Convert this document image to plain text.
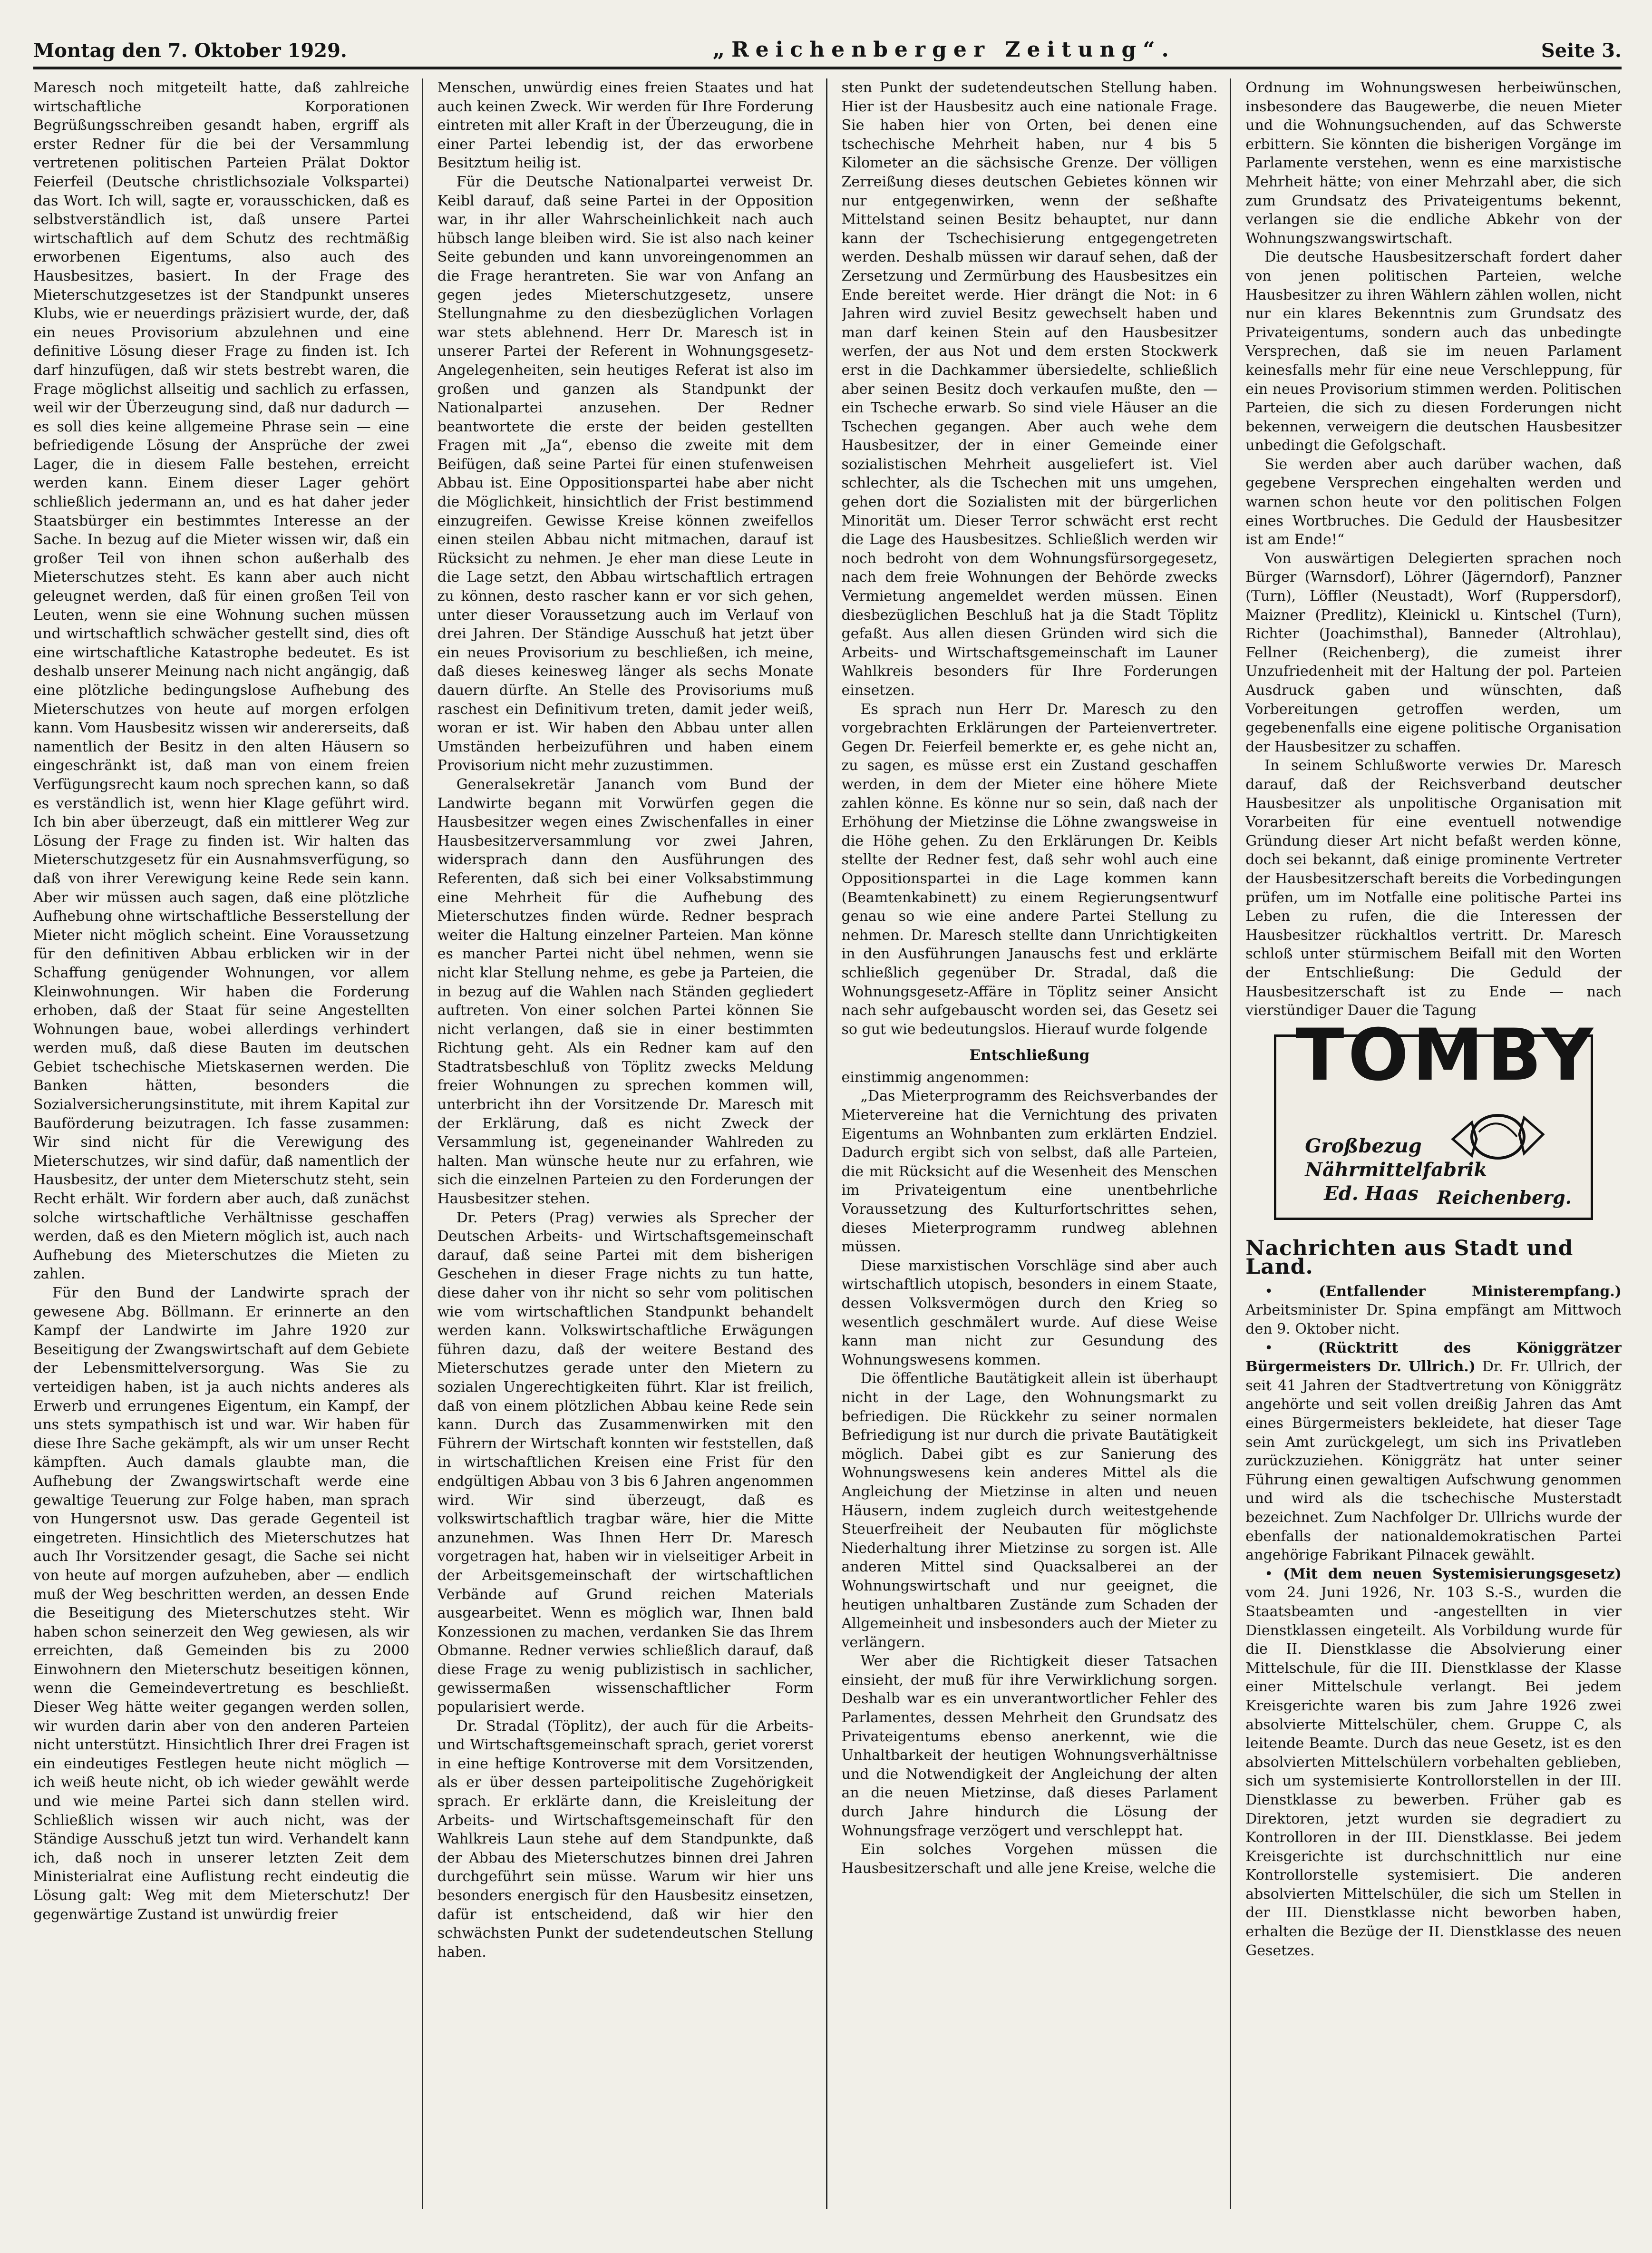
Montag den 7. Oktober 1929.	„Reichenberger Zeitung“.	Seite 3.

Maresch noch mitgeteilt hatte, daß zahlreiche wirtschaftliche Korporationen Begrüßungsschreiben gesandt haben, ergriff als erster Redner für die bei der Versammlung vertretenen politischen Parteien Prälat Doktor Feierfeil (Deutsche christlichsoziale Volkspartei) das Wort. Ich will, sagte er, vorausschicken, daß es selbstverständlich ist, daß unsere Partei wirtschaftlich auf dem Schutz des rechtmäßig erworbenen Eigentums, also auch des Hausbesitzes, basiert. In der Frage des Mieterschutzgesetzes ist der Standpunkt unseres Klubs, wie er neuerdings präzisiert wurde, der, daß ein neues Provisorium abzulehnen und eine definitive Lösung dieser Frage zu finden ist. Ich darf hinzufügen, daß wir stets bestrebt waren, die Frage möglichst allseitig und sachlich zu erfassen, weil wir der Überzeugung sind, daß nur dadurch — es soll dies keine allgemeine Phrase sein — eine befriedigende Lösung der Ansprüche der zwei Lager, die in diesem Falle bestehen, erreicht werden kann. Einem dieser Lager gehört schließlich jedermann an, und es hat daher jeder Staatsbürger ein bestimmtes Interesse an der Sache. In bezug auf die Mieter wissen wir, daß ein großer Teil von ihnen schon außerhalb des Mieterschutzes steht. Es kann aber auch nicht geleugnet werden, daß für einen großen Teil von Leuten, wenn sie eine Wohnung suchen müssen und wirtschaftlich schwächer gestellt sind, dies oft eine wirtschaftliche Katastrophe bedeutet. Es ist deshalb unserer Meinung nach nicht angängig, daß eine plötzliche bedingungslose Aufhebung des Mieterschutzes von heute auf morgen erfolgen kann. Vom Hausbesitz wissen wir andererseits, daß namentlich der Besitz in den alten Häusern so eingeschränkt ist, daß man von einem freien Verfügungsrecht kaum noch sprechen kann, so daß es verständlich ist, wenn hier Klage geführt wird. Ich bin aber überzeugt, daß ein mittlerer Weg zur Lösung der Frage zu finden ist. Wir halten das Mieterschutzgesetz für ein Ausnahmsverfügung, so daß von ihrer Verewigung keine Rede sein kann. Aber wir müssen auch sagen, daß eine plötzliche Aufhebung ohne wirtschaftliche Besserstellung der Mieter nicht möglich scheint. Eine Voraussetzung für den definitiven Abbau erblicken wir in der Schaffung genügender Wohnungen, vor allem Kleinwohnungen. Wir haben die Forderung erhoben, daß der Staat für seine Angestellten Wohnungen baue, wobei allerdings verhindert werden muß, daß diese Bauten im deutschen Gebiet tschechische Mietskasernen werden. Die Banken hätten, besonders die Sozialversicherungsinstitute, mit ihrem Kapital zur Bauförderung beizutragen. Ich fasse zusammen: Wir sind nicht für die Verewigung des Mieterschutzes, wir sind dafür, daß namentlich der Hausbesitz, der unter dem Mieterschutz steht, sein Recht erhält. Wir fordern aber auch, daß zunächst solche wirtschaftliche Verhältnisse geschaffen werden, daß es den Mietern möglich ist, auch nach Aufhebung des Mieterschutzes die Mieten zu zahlen.

Für den Bund der Landwirte sprach der gewesene Abg. Böllmann. Er erinnerte an den Kampf der Landwirte im Jahre 1920 zur Beseitigung der Zwangswirtschaft auf dem Gebiete der Lebensmittelversorgung. Was Sie zu verteidigen haben, ist ja auch nichts anderes als Erwerb und errungenes Eigentum, ein Kampf, der uns stets sympathisch ist und war. Wir haben für diese Ihre Sache gekämpft, als wir um unser Recht kämpften. Auch damals glaubte man, die Aufhebung der Zwangswirtschaft werde eine gewaltige Teuerung zur Folge haben, man sprach von Hungersnot usw. Das gerade Gegenteil ist eingetreten. Hinsichtlich des Mieterschutzes hat auch Ihr Vorsitzender gesagt, die Sache sei nicht von heute auf morgen aufzuheben, aber — endlich muß der Weg beschritten werden, an dessen Ende die Beseitigung des Mieterschutzes steht. Wir haben schon seinerzeit den Weg gewiesen, als wir erreichten, daß Gemeinden bis zu 2000 Einwohnern den Mieterschutz beseitigen können, wenn die Gemeindevertretung es beschließt. Dieser Weg hätte weiter gegangen werden sollen, wir wurden darin aber von den anderen Parteien nicht unterstützt. Hinsichtlich Ihrer drei Fragen ist ein eindeutiges Festlegen heute nicht möglich — ich weiß heute nicht, ob ich wieder gewählt werde und wie meine Partei sich dann stellen wird. Schließlich wissen wir auch nicht, was der Ständige Ausschuß jetzt tun wird. Verhandelt kann ich, daß noch in unserer letzten Zeit dem Ministerialrat eine Auflistung recht eindeutig die Lösung galt: Weg mit dem Mieterschutz! Der gegenwärtige Zustand ist unwürdig freier

Menschen, unwürdig eines freien Staates und hat auch keinen Zweck. Wir werden für Ihre Forderung eintreten mit aller Kraft in der Überzeugung, die in einer Partei lebendig ist, der das erworbene Besitztum heilig ist.

Für die Deutsche Nationalpartei verweist Dr. Keibl darauf, daß seine Partei in der Opposition war, in ihr aller Wahrscheinlichkeit nach auch hübsch lange bleiben wird. Sie ist also nach keiner Seite gebunden und kann unvoreingenommen an die Frage herantreten. Sie war von Anfang an gegen jedes Mieterschutzgesetz, unsere Stellungnahme zu den diesbezüglichen Vorlagen war stets ablehnend. Herr Dr. Maresch ist in unserer Partei der Referent in Wohnungsgesetz-Angelegenheiten, sein heutiges Referat ist also im großen und ganzen als Standpunkt der Nationalpartei anzusehen. Der Redner beantwortete die erste der beiden gestellten Fragen mit „Ja“, ebenso die zweite mit dem Beifügen, daß seine Partei für einen stufenweisen Abbau ist. Eine Oppositionspartei habe aber nicht die Möglichkeit, hinsichtlich der Frist bestimmend einzugreifen. Gewisse Kreise können zweifellos einen steilen Abbau nicht mitmachen, darauf ist Rücksicht zu nehmen. Je eher man diese Leute in die Lage setzt, den Abbau wirtschaftlich ertragen zu können, desto rascher kann er vor sich gehen, unter dieser Voraussetzung auch im Verlauf von drei Jahren. Der Ständige Ausschuß hat jetzt über ein neues Provisorium zu beschließen, ich meine, daß dieses keinesweg länger als sechs Monate dauern dürfte. An Stelle des Provisoriums muß raschest ein Definitivum treten, damit jeder weiß, woran er ist. Wir haben den Abbau unter allen Umständen herbeizuführen und haben einem Provisorium nicht mehr zuzustimmen.

Generalsekretär Jananch vom Bund der Landwirte begann mit Vorwürfen gegen die Hausbesitzer wegen eines Zwischenfalles in einer Hausbesitzerversammlung vor zwei Jahren, widersprach dann den Ausführungen des Referenten, daß sich bei einer Volksabstimmung eine Mehrheit für die Aufhebung des Mieterschutzes finden würde. Redner besprach weiter die Haltung einzelner Parteien. Man könne es mancher Partei nicht übel nehmen, wenn sie nicht klar Stellung nehme, es gebe ja Parteien, die in bezug auf die Wahlen nach Ständen gegliedert auftreten. Von einer solchen Partei können Sie nicht verlangen, daß sie in einer bestimmten Richtung geht. Als ein Redner kam auf den Stadtratsbeschluß von Töplitz zwecks Meldung freier Wohnungen zu sprechen kommen will, unterbricht ihn der Vorsitzende Dr. Maresch mit der Erklärung, daß es nicht Zweck der Versammlung ist, gegeneinander Wahlreden zu halten. Man wünsche heute nur zu erfahren, wie sich die einzelnen Parteien zu den Forderungen der Hausbesitzer stehen.

Dr. Peters (Prag) verwies als Sprecher der Deutschen Arbeits- und Wirtschaftsgemeinschaft darauf, daß seine Partei mit dem bisherigen Geschehen in dieser Frage nichts zu tun hatte, diese daher von ihr nicht so sehr vom politischen wie vom wirtschaftlichen Standpunkt behandelt werden kann. Volkswirtschaftliche Erwägungen führen dazu, daß der weitere Bestand des Mieterschutzes gerade unter den Mietern zu sozialen Ungerechtigkeiten führt. Klar ist freilich, daß von einem plötzlichen Abbau keine Rede sein kann. Durch das Zusammenwirken mit den Führern der Wirtschaft konnten wir feststellen, daß in wirtschaftlichen Kreisen eine Frist für den endgültigen Abbau von 3 bis 6 Jahren angenommen wird. Wir sind überzeugt, daß es volkswirtschaftlich tragbar wäre, hier die Mitte anzunehmen. Was Ihnen Herr Dr. Maresch vorgetragen hat, haben wir in vielseitiger Arbeit in der Arbeitsgemeinschaft der wirtschaftlichen Verbände auf Grund reichen Materials ausgearbeitet. Wenn es möglich war, Ihnen bald Konzessionen zu machen, verdanken Sie das Ihrem Obmanne. Redner verwies schließlich darauf, daß diese Frage zu wenig publizistisch in sachlicher, gewissermaßen wissenschaftlicher Form popularisiert werde.

Dr. Stradal (Töplitz), der auch für die Arbeits- und Wirtschaftsgemeinschaft sprach, geriet vorerst in eine heftige Kontroverse mit dem Vorsitzenden, als er über dessen parteipolitische Zugehörigkeit sprach. Er erklärte dann, die Kreisleitung der Arbeits- und Wirtschaftsgemeinschaft für den Wahlkreis Laun stehe auf dem Standpunkte, daß der Abbau des Mieterschutzes binnen drei Jahren durchgeführt sein müsse. Warum wir hier uns besonders energisch für den Hausbesitz einsetzen, dafür ist entscheidend, daß wir hier den schwächsten Punkt der sudetendeutschen Stellung haben.

sten Punkt der sudetendeutschen Stellung haben. Hier ist der Hausbesitz auch eine nationale Frage. Sie haben hier von Orten, bei denen eine tschechische Mehrheit haben, nur 4 bis 5 Kilometer an die sächsische Grenze. Der völligen Zerreißung dieses deutschen Gebietes können wir nur entgegenwirken, wenn der seßhafte Mittelstand seinen Besitz behauptet, nur dann kann der Tschechisierung entgegengetreten werden. Deshalb müssen wir darauf sehen, daß der Zersetzung und Zermürbung des Hausbesitzes ein Ende bereitet werde. Hier drängt die Not: in 6 Jahren wird zuviel Besitz gewechselt haben und man darf keinen Stein auf den Hausbesitzer werfen, der aus Not und dem ersten Stockwerk erst in die Dachkammer übersiedelte, schließlich aber seinen Besitz doch verkaufen mußte, den — ein Tscheche erwarb. So sind viele Häuser an die Tschechen gegangen. Aber auch wehe dem Hausbesitzer, der in einer Gemeinde einer sozialistischen Mehrheit ausgeliefert ist. Viel schlechter, als die Tschechen mit uns umgehen, gehen dort die Sozialisten mit der bürgerlichen Minorität um. Dieser Terror schwächt erst recht die Lage des Hausbesitzes. Schließlich werden wir noch bedroht von dem Wohnungsfürsorgegesetz, nach dem freie Wohnungen der Behörde zwecks Vermietung angemeldet werden müssen. Einen diesbezüglichen Beschluß hat ja die Stadt Töplitz gefaßt. Aus allen diesen Gründen wird sich die Arbeits- und Wirtschaftsgemeinschaft im Launer Wahlkreis besonders für Ihre Forderungen einsetzen.

Es sprach nun Herr Dr. Maresch zu den vorgebrachten Erklärungen der Parteienvertreter. Gegen Dr. Feierfeil bemerkte er, es gehe nicht an, zu sagen, es müsse erst ein Zustand geschaffen werden, in dem der Mieter eine höhere Miete zahlen könne. Es könne nur so sein, daß nach der Erhöhung der Mietzinse die Löhne zwangsweise in die Höhe gehen. Zu den Erklärungen Dr. Keibls stellte der Redner fest, daß sehr wohl auch eine Oppositionspartei in die Lage kommen kann (Beamtenkabinett) zu einem Regierungsentwurf genau so wie eine andere Partei Stellung zu nehmen. Dr. Maresch stellte dann Unrichtigkeiten in den Ausführungen Janauschs fest und erklärte schließlich gegenüber Dr. Stradal, daß die Wohnungsgesetz-Affäre in Töplitz seiner Ansicht nach sehr aufgebauscht worden sei, das Gesetz sei so gut wie bedeutungslos. Hierauf wurde folgende

Entschließung

einstimmig angenommen:

„Das Mieterprogramm des Reichsverbandes der Mietervereine hat die Vernichtung des privaten Eigentums an Wohnbanten zum erklärten Endziel. Dadurch ergibt sich von selbst, daß alle Parteien, die mit Rücksicht auf die Wesenheit des Menschen im Privateigentum eine unentbehrliche Voraussetzung des Kulturfortschrittes sehen, dieses Mieterprogramm rundweg ablehnen müssen.

Diese marxistischen Vorschläge sind aber auch wirtschaftlich utopisch, besonders in einem Staate, dessen Volksvermögen durch den Krieg so wesentlich geschmälert wurde. Auf diese Weise kann man nicht zur Gesundung des Wohnungswesens kommen.

Die öffentliche Bautätigkeit allein ist überhaupt nicht in der Lage, den Wohnungsmarkt zu befriedigen. Die Rückkehr zu seiner normalen Befriedigung ist nur durch die private Bautätigkeit möglich. Dabei gibt es zur Sanierung des Wohnungswesens kein anderes Mittel als die Angleichung der Mietzinse in alten und neuen Häusern, indem zugleich durch weitestgehende Steuerfreiheit der Neubauten für möglichste Niederhaltung ihrer Mietzinse zu sorgen ist. Alle anderen Mittel sind Quacksalberei an der Wohnungswirtschaft und nur geeignet, die heutigen unhaltbaren Zustände zum Schaden der Allgemeinheit und insbesonders auch der Mieter zu verlängern.

Wer aber die Richtigkeit dieser Tatsachen einsieht, der muß für ihre Verwirklichung sorgen. Deshalb war es ein unverantwortlicher Fehler des Parlamentes, dessen Mehrheit den Grundsatz des Privateigentums ebenso anerkennt, wie die Unhaltbarkeit der heutigen Wohnungsverhältnisse und die Notwendigkeit der Angleichung der alten an die neuen Mietzinse, daß dieses Parlament durch Jahre hindurch die Lösung der Wohnungsfrage verzögert und verschleppt hat.

Ein solches Vorgehen müssen die Hausbesitzerschaft und alle jene Kreise, welche die

Ordnung im Wohnungswesen herbeiwünschen, insbesondere das Baugewerbe, die neuen Mieter und die Wohnungsuchenden, auf das Schwerste erbittern. Sie könnten die bisherigen Vorgänge im Parlamente verstehen, wenn es eine marxistische Mehrheit hätte; von einer Mehrzahl aber, die sich zum Grundsatz des Privateigentums bekennt, verlangen sie die endliche Abkehr von der Wohnungszwangswirtschaft.

Die deutsche Hausbesitzerschaft fordert daher von jenen politischen Parteien, welche Hausbesitzer zu ihren Wählern zählen wollen, nicht nur ein klares Bekenntnis zum Grundsatz des Privateigentums, sondern auch das unbedingte Versprechen, daß sie im neuen Parlament keinesfalls mehr für eine neue Verschleppung, für ein neues Provisorium stimmen werden. Politischen Parteien, die sich zu diesen Forderungen nicht bekennen, verweigern die deutschen Hausbesitzer unbedingt die Gefolgschaft.

Sie werden aber auch darüber wachen, daß gegebene Versprechen eingehalten werden und warnen schon heute vor den politischen Folgen eines Wortbruches. Die Geduld der Hausbesitzer ist am Ende!“

Von auswärtigen Delegierten sprachen noch Bürger (Warnsdorf), Löhrer (Jägerndorf), Panzner (Turn), Löffler (Neustadt), Worf (Ruppersdorf), Maizner (Predlitz), Kleinickl u. Kintschel (Turn), Richter (Joachimsthal), Banneder (Altrohlau), Fellner (Reichenberg), die zumeist ihrer Unzufriedenheit mit der Haltung der pol. Parteien Ausdruck gaben und wünschten, daß Vorbereitungen getroffen werden, um gegebenenfalls eine eigene politische Organisation der Hausbesitzer zu schaffen.

In seinem Schlußworte verwies Dr. Maresch darauf, daß der Reichsverband deutscher Hausbesitzer als unpolitische Organisation mit Vorarbeiten für eine eventuell notwendige Gründung dieser Art nicht befaßt werden könne, doch sei bekannt, daß einige prominente Vertreter der Hausbesitzerschaft bereits die Vorbedingungen prüfen, um im Notfalle eine politische Partei ins Leben zu rufen, die die Interessen der Hausbesitzer rückhaltlos vertritt. Dr. Maresch schloß unter stürmischem Beifall mit den Worten der Entschließung: Die Geduld der Hausbesitzerschaft ist zu Ende — nach vierstündiger Dauer die Tagung

TOMBY
Großbezug
Nährmittelfabrik
Ed. Haas Reichenberg.
Nachrichten aus Stadt und Land.

• (Entfallender Ministerempfang.) Arbeitsminister Dr. Spina empfängt am Mittwoch den 9. Oktober nicht.

• (Rücktritt des Königgrätzer Bürgermeisters Dr. Ullrich.) Dr. Fr. Ullrich, der seit 41 Jahren der Stadtvertretung von Königgrätz angehörte und seit vollen dreißig Jahren das Amt eines Bürgermeisters bekleidete, hat dieser Tage sein Amt zurückgelegt, um sich ins Privatleben zurückzuziehen. Königgrätz hat unter seiner Führung einen gewaltigen Aufschwung genommen und wird als die tschechische Musterstadt bezeichnet. Zum Nachfolger Dr. Ullrichs wurde der ebenfalls der nationaldemokratischen Partei angehörige Fabrikant Pilnacek gewählt.

• (Mit dem neuen Systemisierungsgesetz) vom 24. Juni 1926, Nr. 103 S.-S., wurden die Staatsbeamten und -angestellten in vier Dienstklassen eingeteilt. Als Vorbildung wurde für die II. Dienstklasse die Absolvierung einer Mittelschule, für die III. Dienstklasse der Klasse einer Mittelschule verlangt. Bei jedem Kreisgerichte waren bis zum Jahre 1926 zwei absolvierte Mittelschüler, chem. Gruppe C, als leitende Beamte. Durch das neue Gesetz, ist es den absolvierten Mittelschülern vorbehalten geblieben, sich um systemisierte Kontrollorstellen in der III. Dienstklasse zu bewerben. Früher gab es Direktoren, jetzt wurden sie degradiert zu Kontrolloren in der III. Dienstklasse. Bei jedem Kreisgerichte ist durchschnittlich nur eine Kontrollorstelle systemisiert. Die anderen absolvierten Mittelschüler, die sich um Stellen in der III. Dienstklasse nicht beworben haben, erhalten die Bezüge der II. Dienstklasse des neuen Gesetzes.
